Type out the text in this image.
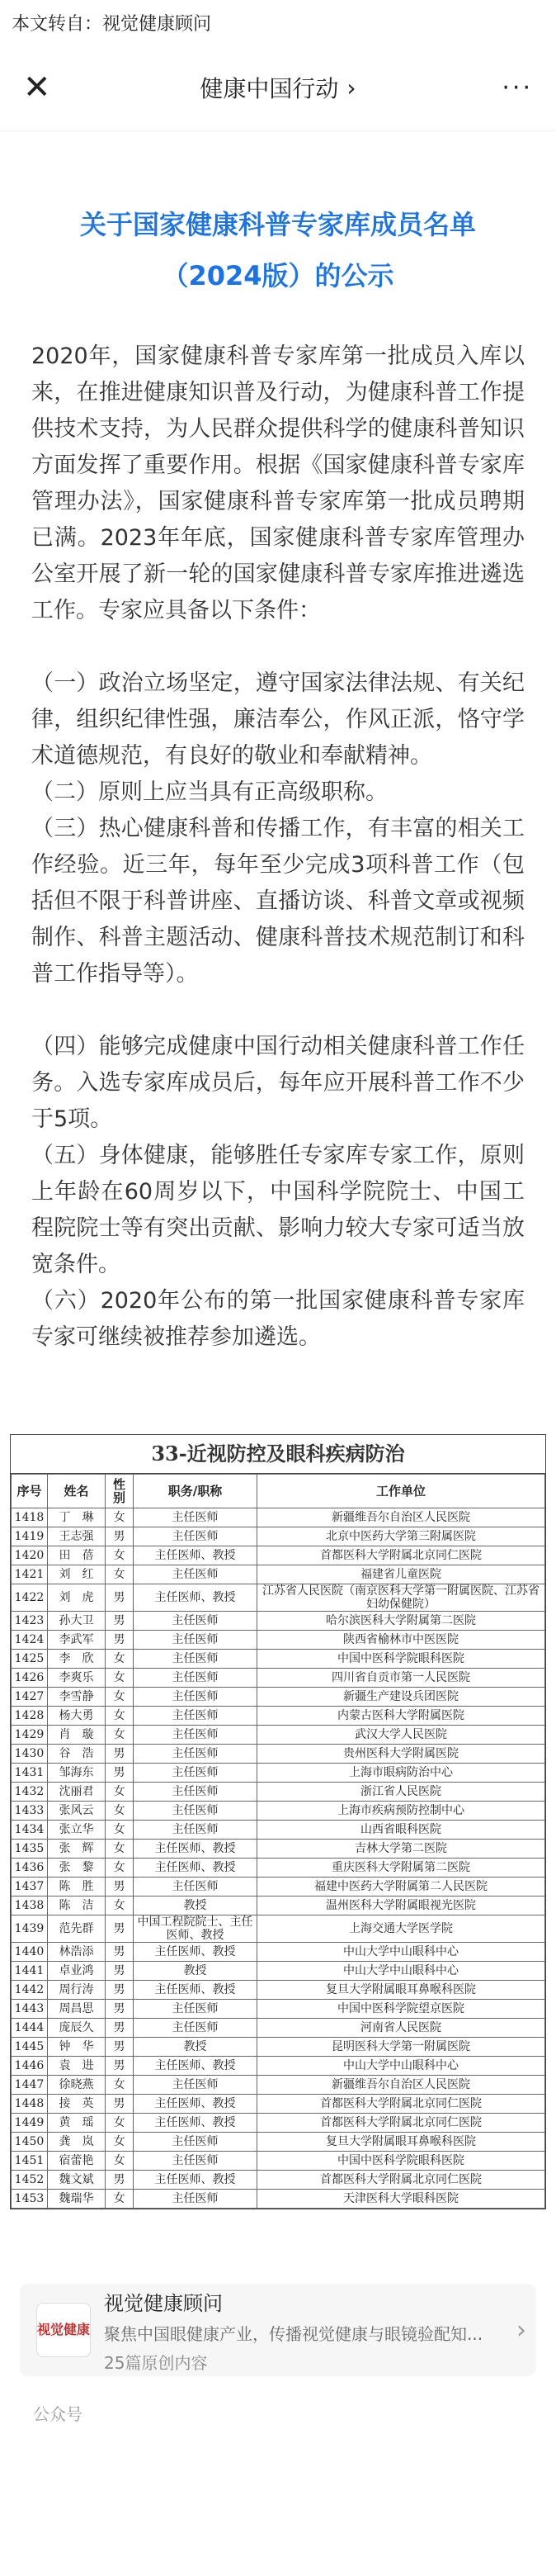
本文转自：视觉健康顾问
✕	健康中国行动 ›	···
关于国家健康科普专家库成员名单
（2024版）的公示
2020年，国家健康科普专家库第一批成员入库以来，在推进健康知识普及行动，为健康科普工作提供技术支持，为人民群众提供科学的健康科普知识方面发挥了重要作用。根据《国家健康科普专家库管理办法》，国家健康科普专家库第一批成员聘期已满。2023年年底，国家健康科普专家库管理办公室开展了新一轮的国家健康科普专家库推进遴选工作。专家应具备以下条件：
（一）政治立场坚定，遵守国家法律法规、有关纪律，组织纪律性强，廉洁奉公，作风正派，恪守学术道德规范，有良好的敬业和奉献精神。
（二）原则上应当具有正高级职称。
（三）热心健康科普和传播工作，有丰富的相关工作经验。近三年，每年至少完成3项科普工作（包括但不限于科普讲座、直播访谈、科普文章或视频制作、科普主题活动、健康科普技术规范制订和科普工作指导等）。
（四）能够完成健康中国行动相关健康科普工作任务。入选专家库成员后，每年应开展科普工作不少于5项。
（五）身体健康，能够胜任专家库专家工作，原则上年龄在60周岁以下，中国科学院院士、中国工程院院士等有突出贡献、影响力较大专家可适当放宽条件。
（六）2020年公布的第一批国家健康科普专家库专家可继续被推荐参加遴选。
33-近视防控及眼科疾病防治
序号	姓名	性别	职务/职称	工作单位
1418	丁　琳	女	主任医师	新疆维吾尔自治区人民医院
1419	王志强	男	主任医师	北京中医药大学第三附属医院
1420	田　蓓	女	主任医师、教授	首都医科大学附属北京同仁医院
1421	刘　红	女	主任医师	福建省儿童医院
1422	刘　虎	男	主任医师、教授	江苏省人民医院（南京医科大学第一附属医院、江苏省妇幼保健院）
1423	孙大卫	男	主任医师	哈尔滨医科大学附属第二医院
1424	李武军	男	主任医师	陕西省榆林市中医医院
1425	李　欣	女	主任医师	中国中医科学院眼科医院
1426	李爽乐	女	主任医师	四川省自贡市第一人民医院
1427	李雪静	女	主任医师	新疆生产建设兵团医院
1428	杨大勇	女	主任医师	内蒙古医科大学附属医院
1429	肖　璇	女	主任医师	武汉大学人民医院
1430	谷　浩	男	主任医师	贵州医科大学附属医院
1431	邹海东	男	主任医师	上海市眼病防治中心
1432	沈丽君	女	主任医师	浙江省人民医院
1433	张风云	女	主任医师	上海市疾病预防控制中心
1434	张立华	女	主任医师	山西省眼科医院
1435	张　辉	女	主任医师、教授	吉林大学第二医院
1436	张　黎	女	主任医师、教授	重庆医科大学附属第二医院
1437	陈　胜	男	主任医师	福建中医药大学附属第二人民医院
1438	陈　洁	女	教授	温州医科大学附属眼视光医院
1439	范先群	男	中国工程院院士、主任医师、教授	上海交通大学医学院
1440	林浩添	男	主任医师、教授	中山大学中山眼科中心
1441	卓业鸿	男	教授	中山大学中山眼科中心
1442	周行涛	男	主任医师、教授	复旦大学附属眼耳鼻喉科医院
1443	周昌思	男	主任医师	中国中医科学院望京医院
1444	庞辰久	男	主任医师	河南省人民医院
1445	钟　华	男	教授	昆明医科大学第一附属医院
1446	袁　进	男	主任医师、教授	中山大学中山眼科中心
1447	徐晓燕	女	主任医师	新疆维吾尔自治区人民医院
1448	接　英	男	主任医师、教授	首都医科大学附属北京同仁医院
1449	黄　瑶	女	主任医师、教授	首都医科大学附属北京同仁医院
1450	龚　岚	女	主任医师	复旦大学附属眼耳鼻喉科医院
1451	宿蕾艳	女	主任医师	中国中医科学院眼科医院
1452	魏文斌	男	主任医师、教授	首都医科大学附属北京同仁医院
1453	魏瑞华	女	主任医师	天津医科大学眼科医院
视觉健康
视觉健康顾问
聚焦中国眼健康产业，传播视觉健康与眼镜验配知...
25篇原创内容
›
公众号
